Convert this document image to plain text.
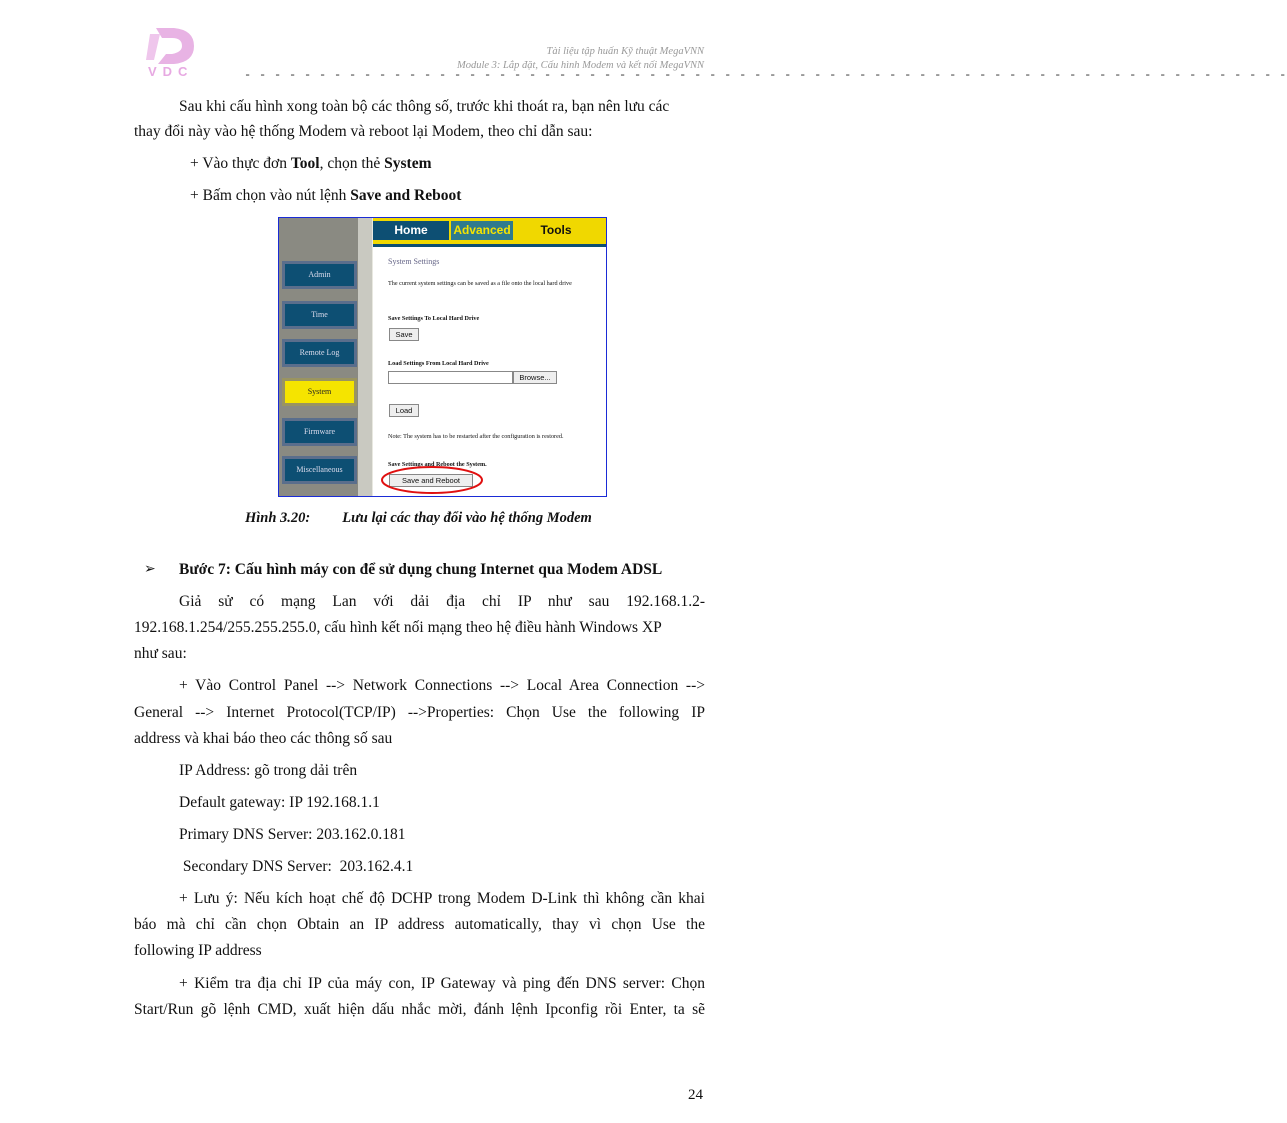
VDC
Tài liệu tập huấn Kỹ thuật MegaVNN
Module 3: Lắp đặt, Cấu hình Modem và kết nối MegaVNN
- - - - - - - - - - - - - - - - - - - - - - - - - - - - - - - - - - - - - - - - - - - - - - - - - - - - - - - - - - - - - - - - - - - - - -
Sau khi cấu hình xong toàn bộ các thông số, trước khi thoát ra, bạn nên lưu các
thay đổi này vào hệ thống Modem và reboot lại Modem, theo chỉ dẫn sau:
+ Vào thực đơn Tool, chọn thẻ System
+ Bấm chọn vào nút lệnh Save and Reboot
Admin
Time
Remote Log
System
Firmware
Miscellaneous
Home	Advanced	Tools
System Settings
The current system settings can be saved as a file onto the local hard drive
Save Settings To Local Hard Drive
Save
Load Settings From Local Hard Drive
Browse...
Load
Note: The system has to be restarted after the configuration is restored.
Save Settings and Reboot the System.
Save and Reboot
Hình 3.20: Lưu lại các thay đổi vào hệ thống Modem
➢ Bước 7: Cấu hình máy con để sử dụng chung Internet qua Modem ADSL
Giả sử có mạng Lan với dải địa chỉ IP như sau 192.168.1.2-
192.168.1.254/255.255.255.0, cấu hình kết nối mạng theo hệ điều hành Windows XP
như sau:
+ Vào Control Panel --> Network Connections --> Local Area Connection -->
General --> Internet Protocol(TCP/IP) -->Properties: Chọn Use the following IP
address và khai báo theo các thông số sau
IP Address: gõ trong dải trên
Default gateway: IP 192.168.1.1
Primary DNS Server: 203.162.0.181
Secondary DNS Server:  203.162.4.1
+ Lưu ý: Nếu kích hoạt chế độ DCHP trong Modem D-Link thì không cần khai
báo mà chỉ cần chọn Obtain an IP address automatically, thay vì chọn Use the
following IP address
+ Kiểm tra địa chỉ IP của máy con, IP Gateway và ping đến DNS server: Chọn
Start/Run gõ lệnh CMD, xuất hiện dấu nhắc mời, đánh lệnh Ipconfig rồi Enter, ta sẽ
24
